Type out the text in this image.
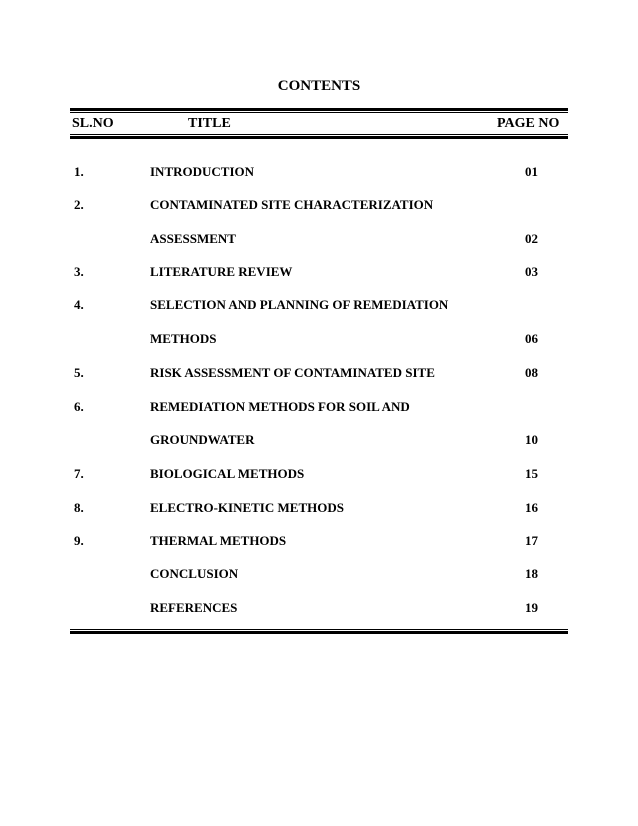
CONTENTS
SL.NO	TITLE	PAGE NO
1.	INTRODUCTION	01
2.	CONTAMINATED SITE CHARACTERIZATION
ASSESSMENT	02
3.	LITERATURE REVIEW	03
4.	SELECTION AND PLANNING OF REMEDIATION
METHODS	06
5.	RISK ASSESSMENT OF CONTAMINATED SITE	08
6.	REMEDIATION METHODS FOR SOIL AND
GROUNDWATER	10
7.	BIOLOGICAL METHODS	15
8.	ELECTRO-KINETIC METHODS	16
9.	THERMAL METHODS	17
CONCLUSION	18
REFERENCES	19
